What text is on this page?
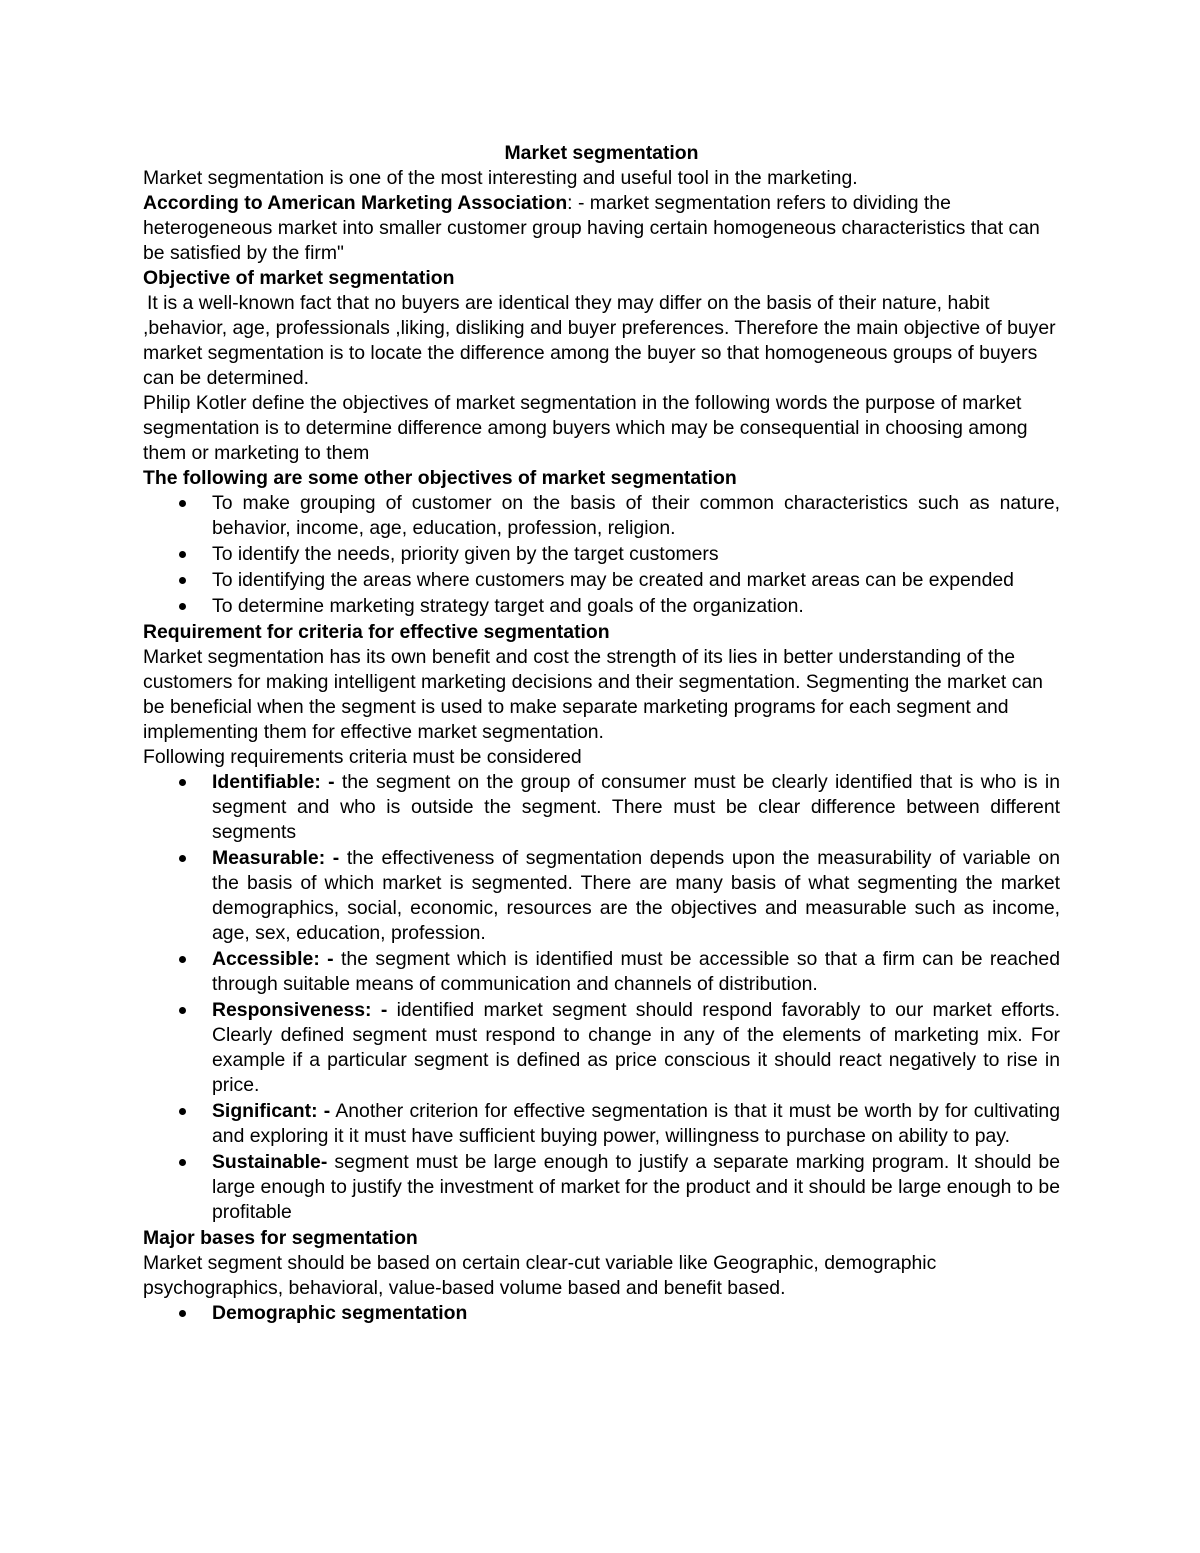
Market segmentation

Market segmentation is one of the most interesting and useful tool in the marketing.

According to American Marketing Association: - market segmentation refers to dividing the heterogeneous market into smaller customer group having certain homogeneous characteristics that can be satisfied by the firm"

Objective of market segmentation

It is a well-known fact that no buyers are identical they may differ on the basis of their nature, habit ,behavior, age, professionals ,liking, disliking and buyer preferences. Therefore the main objective of buyer market segmentation is to locate the difference among the buyer so that homogeneous groups of buyers can be determined.

Philip Kotler define the objectives of market segmentation in the following words the purpose of market segmentation is to determine difference among buyers which may be consequential in choosing among them or marketing to them

The following are some other objectives of market segmentation

To make grouping of customer on the basis of their common characteristics such as nature, behavior, income, age, education, profession, religion.
To identify the needs, priority given by the target customers
To identifying the areas where customers may be created and market areas can be expended
To determine marketing strategy target and goals of the organization.

Requirement for criteria for effective segmentation

Market segmentation has its own benefit and cost the strength of its lies in better understanding of the customers for making intelligent marketing decisions and their segmentation. Segmenting the market can be beneficial when the segment is used to make separate marketing programs for each segment and implementing them for effective market segmentation.

Following requirements criteria must be considered

Identifiable: - the segment on the group of consumer must be clearly identified that is who is in segment and who is outside the segment. There must be clear difference between different segments
Measurable: - the effectiveness of segmentation depends upon the measurability of variable on the basis of which market is segmented. There are many basis of what segmenting the market demographics, social, economic, resources are the objectives and measurable such as income, age, sex, education, profession.
Accessible: - the segment which is identified must be accessible so that a firm can be reached through suitable means of communication and channels of distribution.
Responsiveness: - identified market segment should respond favorably to our market efforts. Clearly defined segment must respond to change in any of the elements of marketing mix. For example if a particular segment is defined as price conscious it should react negatively to rise in price.
Significant: - Another criterion for effective segmentation is that it must be worth by for cultivating and exploring it it must have sufficient buying power, willingness to purchase on ability to pay.
Sustainable- segment must be large enough to justify a separate marking program. It should be large enough to justify the investment of market for the product and it should be large enough to be profitable

Major bases for segmentation

Market segment should be based on certain clear-cut variable like Geographic, demographic psychographics, behavioral, value-based volume based and benefit based.

Demographic segmentation
